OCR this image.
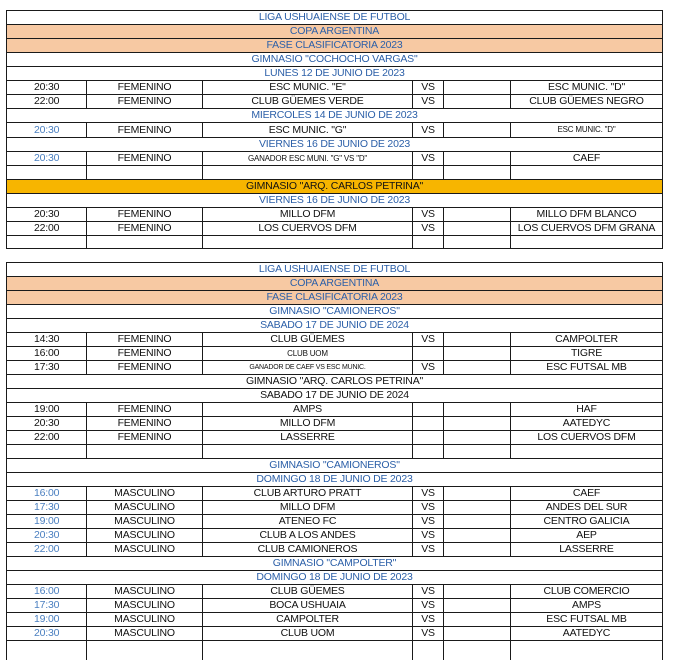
LIGA USHUAIENSE DE FUTBOL
COPA ARGENTINA
FASE CLASIFICATORIA 2023
GIMNASIO "COCHOCHO VARGAS"
LUNES 12 DE JUNIO DE 2023
20:30	FEMENINO	ESC MUNIC. "E"	VS	ESC MUNIC. "D"
22:00	FEMENINO	CLUB GÜEMES VERDE	VS	CLUB GÜEMES NEGRO
MIERCOLES 14 DE JUNIO DE 2023
20:30	FEMENINO	ESC MUNIC. "G"	VS	ESC MUNIC. "D"
VIERNES 16 DE JUNIO DE 2023
20:30	FEMENINO	GANADOR ESC MUNI. "G" VS "D"	VS	CAEF
GIMNASIO "ARQ. CARLOS PETRINA"
VIERNES 16 DE JUNIO DE 2023
20:30	FEMENINO	MILLO DFM	VS	MILLO DFM BLANCO
22:00	FEMENINO	LOS CUERVOS DFM	VS	LOS CUERVOS DFM GRANA
LIGA USHUAIENSE DE FUTBOL
COPA ARGENTINA
FASE CLASIFICATORIA 2023
GIMNASIO "CAMIONEROS"
SABADO 17 DE JUNIO DE 2024
14:30	FEMENINO	CLUB GÜEMES	VS	CAMPOLTER
16:00	FEMENINO	CLUB UOM	TIGRE
17:30	FEMENINO	GANADOR DE CAEF VS ESC MUNIC.	VS	ESC FUTSAL MB
GIMNASIO "ARQ. CARLOS PETRINA"
SABADO 17 DE JUNIO DE 2024
19:00	FEMENINO	AMPS	HAF
20:30	FEMENINO	MILLO DFM	AATEDYC
22:00	FEMENINO	LASSERRE	LOS CUERVOS DFM
GIMNASIO "CAMIONEROS"
DOMINGO 18 DE JUNIO DE 2023
16:00	MASCULINO	CLUB ARTURO PRATT	VS	CAEF
17:30	MASCULINO	MILLO DFM	VS	ANDES DEL SUR
19:00	MASCULINO	ATENEO FC	VS	CENTRO GALICIA
20:30	MASCULINO	CLUB A LOS ANDES	VS	AEP
22:00	MASCULINO	CLUB CAMIONEROS	VS	LASSERRE
GIMNASIO "CAMPOLTER"
DOMINGO 18 DE JUNIO DE 2023
16:00	MASCULINO	CLUB GÜEMES	VS	CLUB COMERCIO
17:30	MASCULINO	BOCA USHUAIA	VS	AMPS
19:00	MASCULINO	CAMPOLTER	VS	ESC FUTSAL MB
20:30	MASCULINO	CLUB UOM	VS	AATEDYC
